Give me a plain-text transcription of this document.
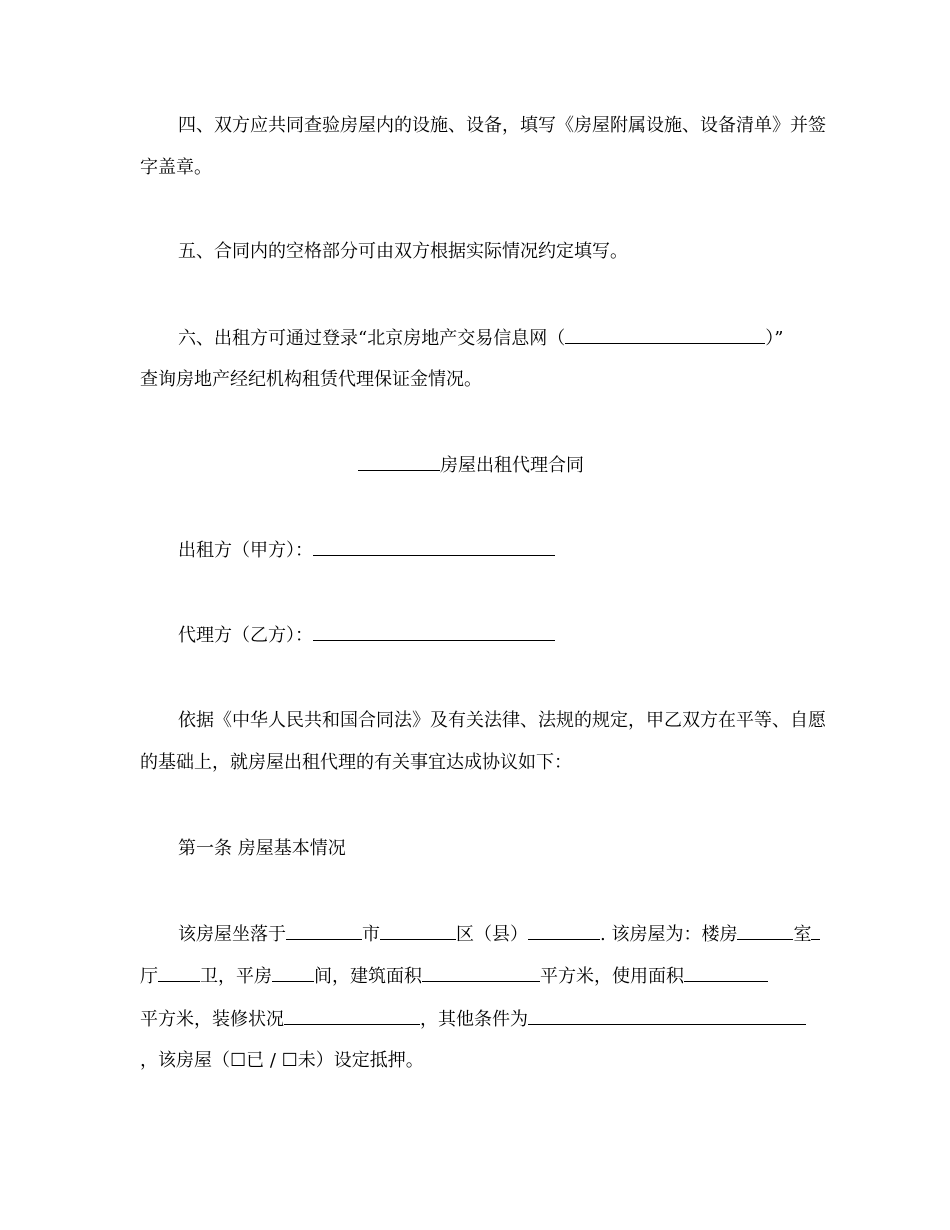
四、双方应共同查验房屋内的设施、设备，填写《房屋附属设施、设备清单》并签
字盖章。
五、合同内的空格部分可由双方根据实际情况约定填写。
六、出租方可通过登录“北京房地产交易信息网（	）”
查询房地产经纪机构租赁代理保证金情况。
房屋出租代理合同
出租方（甲方）：
代理方（乙方）：
依据《中华人民共和国合同法》及有关法律、法规的规定，甲乙双方在平等、自愿
的基础上，就房屋出租代理的有关事宜达成协议如下：
第一条 房屋基本情况
该房屋坐落于	市	区（县）	. 该房屋为：楼房	室
厅 卫，平房 间，建筑面积	平方米，使用面积
平方米，装修状况	，其他条件为
，该房屋（☐已 / ☐未）设定抵押。
